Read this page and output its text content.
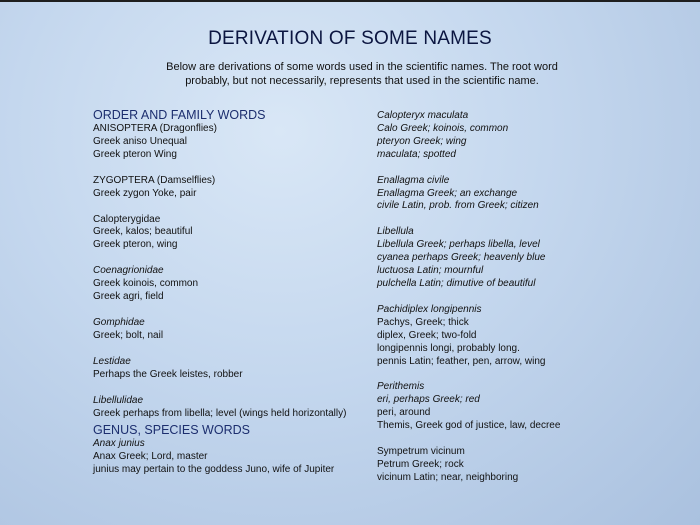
DERIVATION OF SOME NAMES
Below are derivations of some words used in the scientific names. The root word probably, but not necessarily, represents that used in the scientific name.
ORDER AND FAMILY WORDS
ANISOPTERA (Dragonflies)
Greek aniso Unequal
Greek pteron Wing
ZYGOPTERA (Damselflies)
Greek zygon Yoke, pair
Calopterygidae
Greek, kalos; beautiful
Greek pteron, wing
Coenagrionidae
Greek koinois, common
Greek agri, field
Gomphidae
Greek; bolt, nail
Lestidae
Perhaps the Greek leistes, robber
Libellulidae
Greek perhaps from libella; level (wings held horizontally)
GENUS, SPECIES WORDS
Anax junius
Anax Greek; Lord, master
junius may pertain to the goddess Juno, wife of Jupiter
Calopteryx maculata
Calo Greek; koinois, common
pteryon Greek; wing
maculata; spotted
Enallagma civile
Enallagma Greek; an exchange
civile Latin, prob. from Greek; citizen
Libellula
Libellula Greek; perhaps libella, level
cyanea perhaps Greek; heavenly blue
luctuosa Latin; mournful
pulchella Latin; dimutive of beautiful
Pachidiplex longipennis
Pachys, Greek; thick
diplex, Greek; two-fold
longipennis longi, probably long.
pennis Latin; feather, pen, arrow, wing
Perithemis
eri, perhaps Greek; red
peri, around
Themis, Greek god of justice, law, decree
Sympetrum vicinum
Petrum Greek; rock
vicinum Latin; near, neighboring
